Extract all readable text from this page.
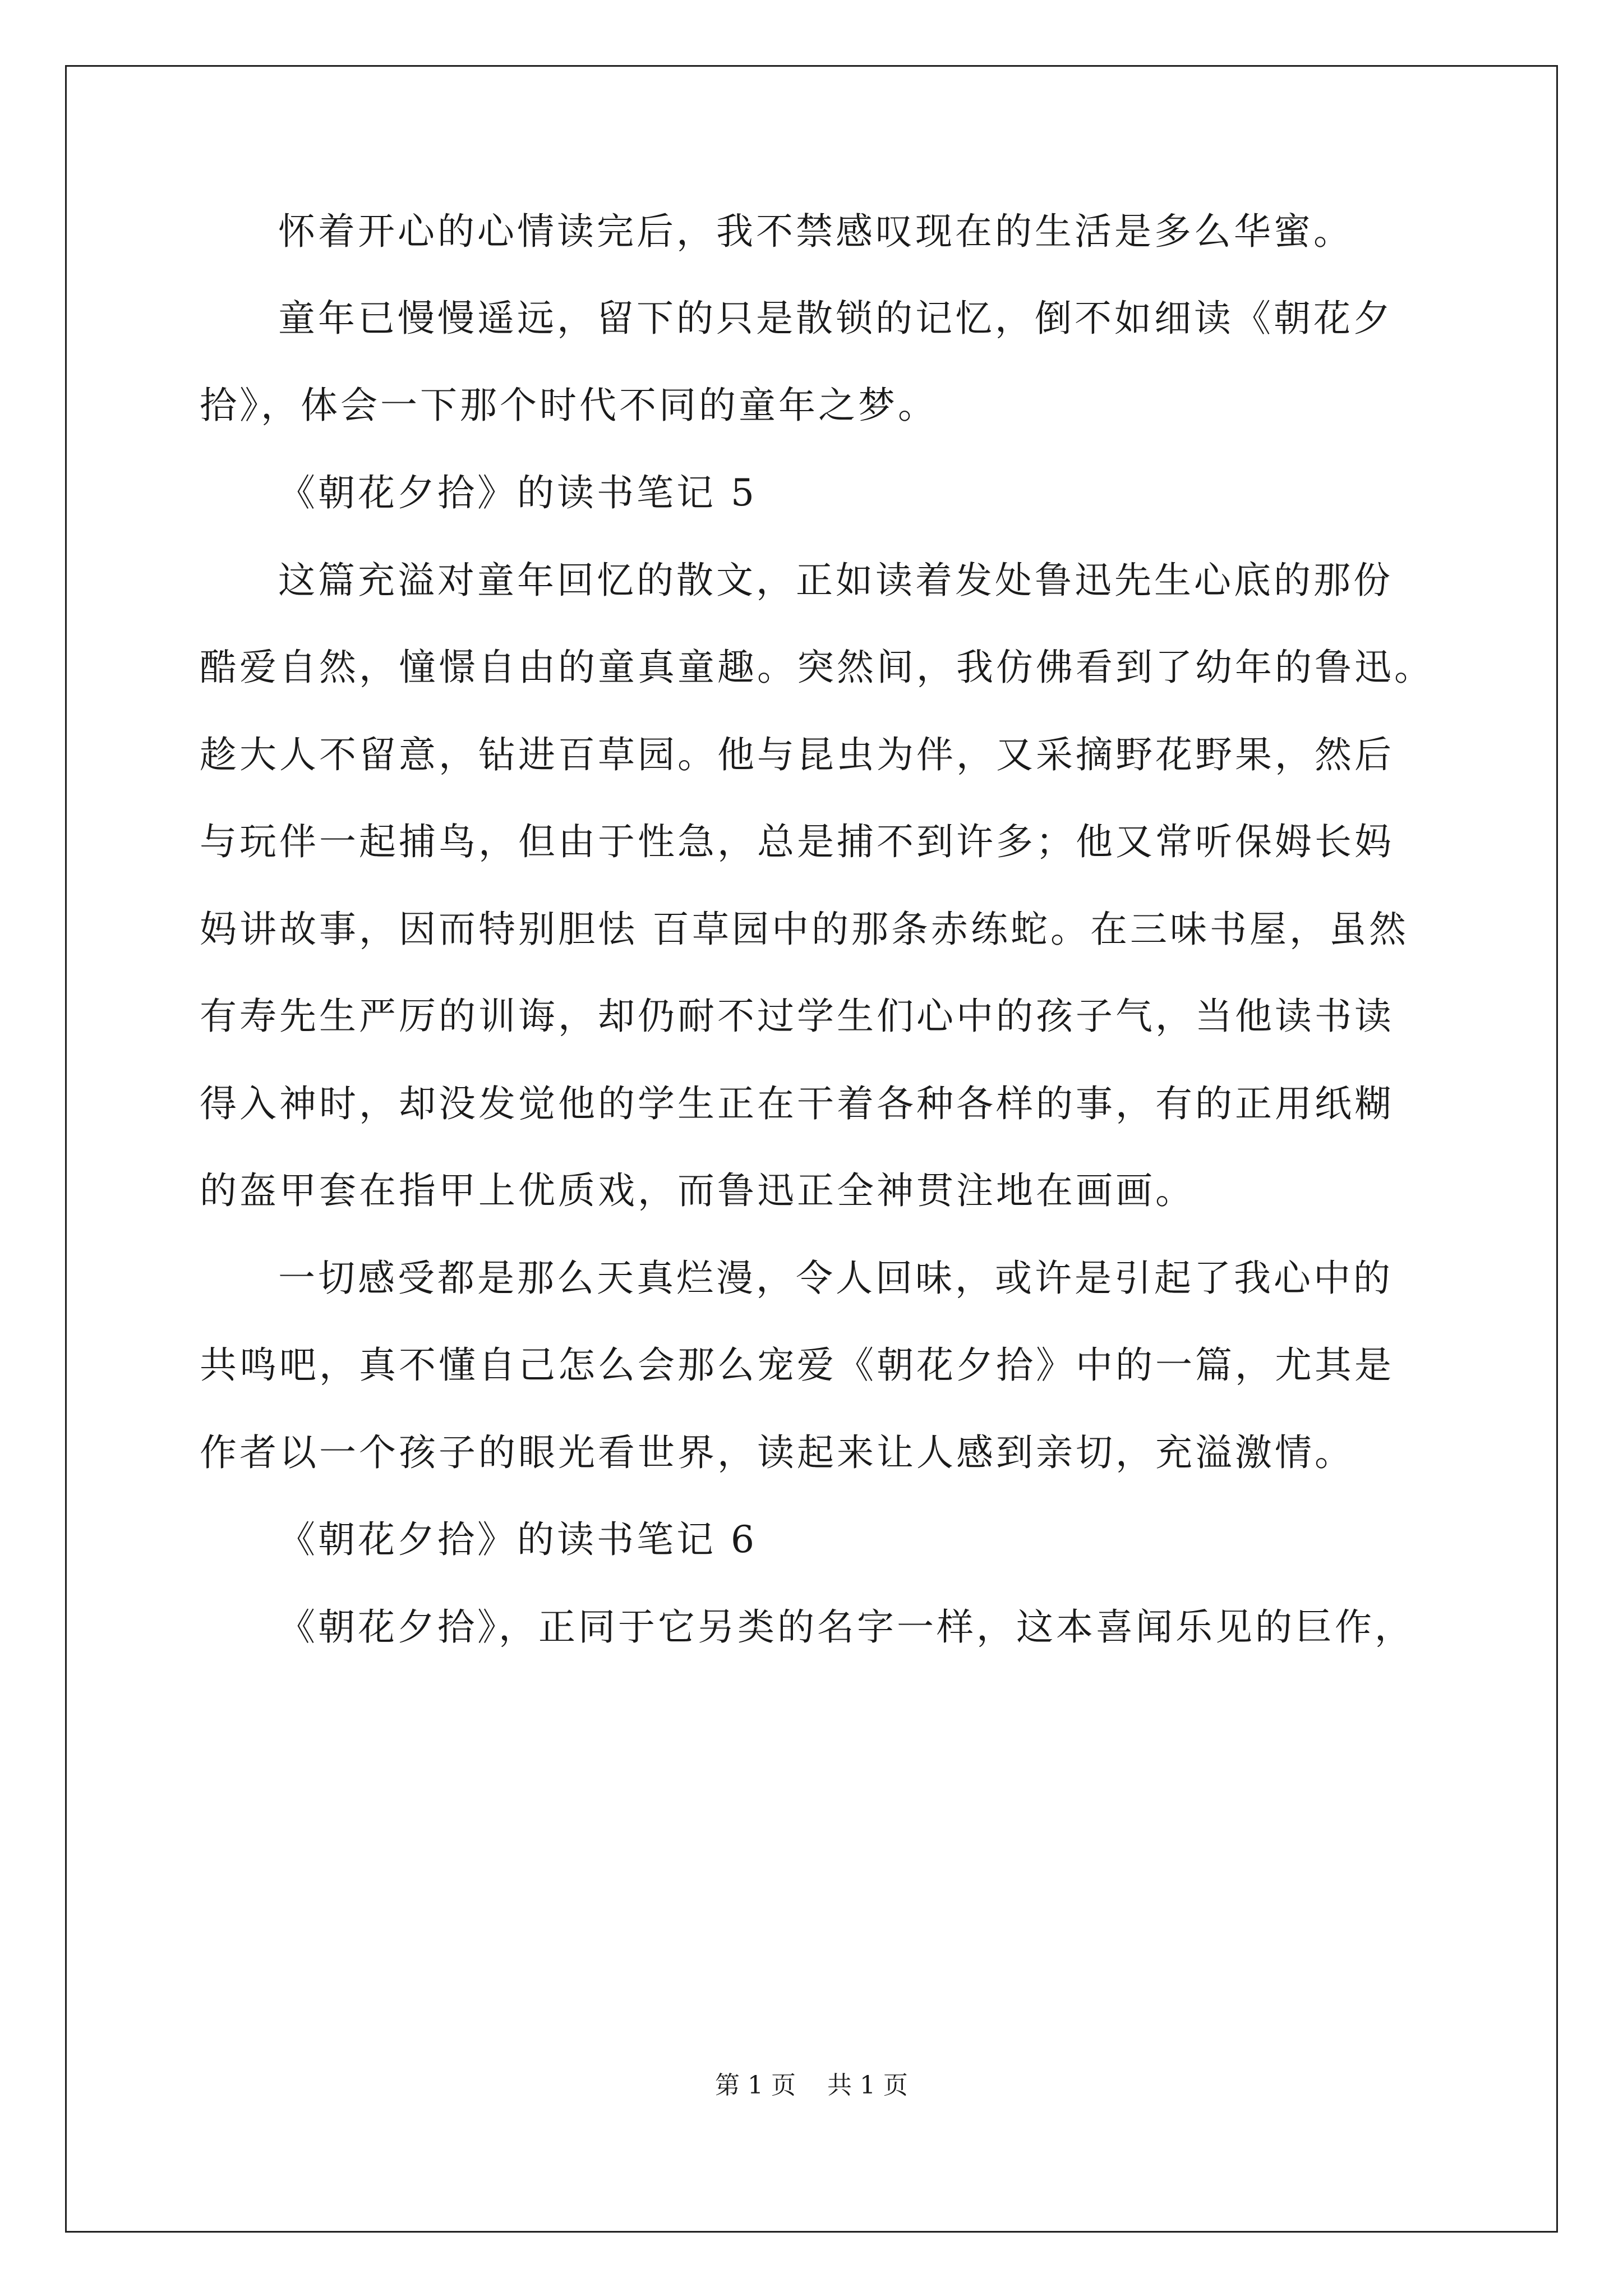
怀着开心的心情读完后，我不禁感叹现在的生活是多么华蜜。
童年已慢慢遥远，留下的只是散锁的记忆，倒不如细读《朝花夕
拾》，体会一下那个时代不同的童年之梦。
《朝花夕拾》的读书笔记 5
这篇充溢对童年回忆的散文，正如读着发处鲁迅先生心底的那份
酷爱自然，憧憬自由的童真童趣。突然间，我仿佛看到了幼年的鲁迅。
趁大人不留意，钻进百草园。他与昆虫为伴，又采摘野花野果，然后
与玩伴一起捕鸟，但由于性急，总是捕不到许多；他又常听保姆长妈
妈讲故事，因而特别胆怯 百草园中的那条赤练蛇。在三味书屋，虽然
有寿先生严厉的训诲，却仍耐不过学生们心中的孩子气，当他读书读
得入神时，却没发觉他的学生正在干着各种各样的事，有的正用纸糊
的盔甲套在指甲上优质戏，而鲁迅正全神贯注地在画画。
一切感受都是那么天真烂漫，令人回味，或许是引起了我心中的
共鸣吧，真不懂自己怎么会那么宠爱《朝花夕拾》中的一篇，尤其是
作者以一个孩子的眼光看世界，读起来让人感到亲切，充溢激情。
《朝花夕拾》的读书笔记 6
《朝花夕拾》，正同于它另类的名字一样，这本喜闻乐见的巨作，
第 1 页    共 1 页
